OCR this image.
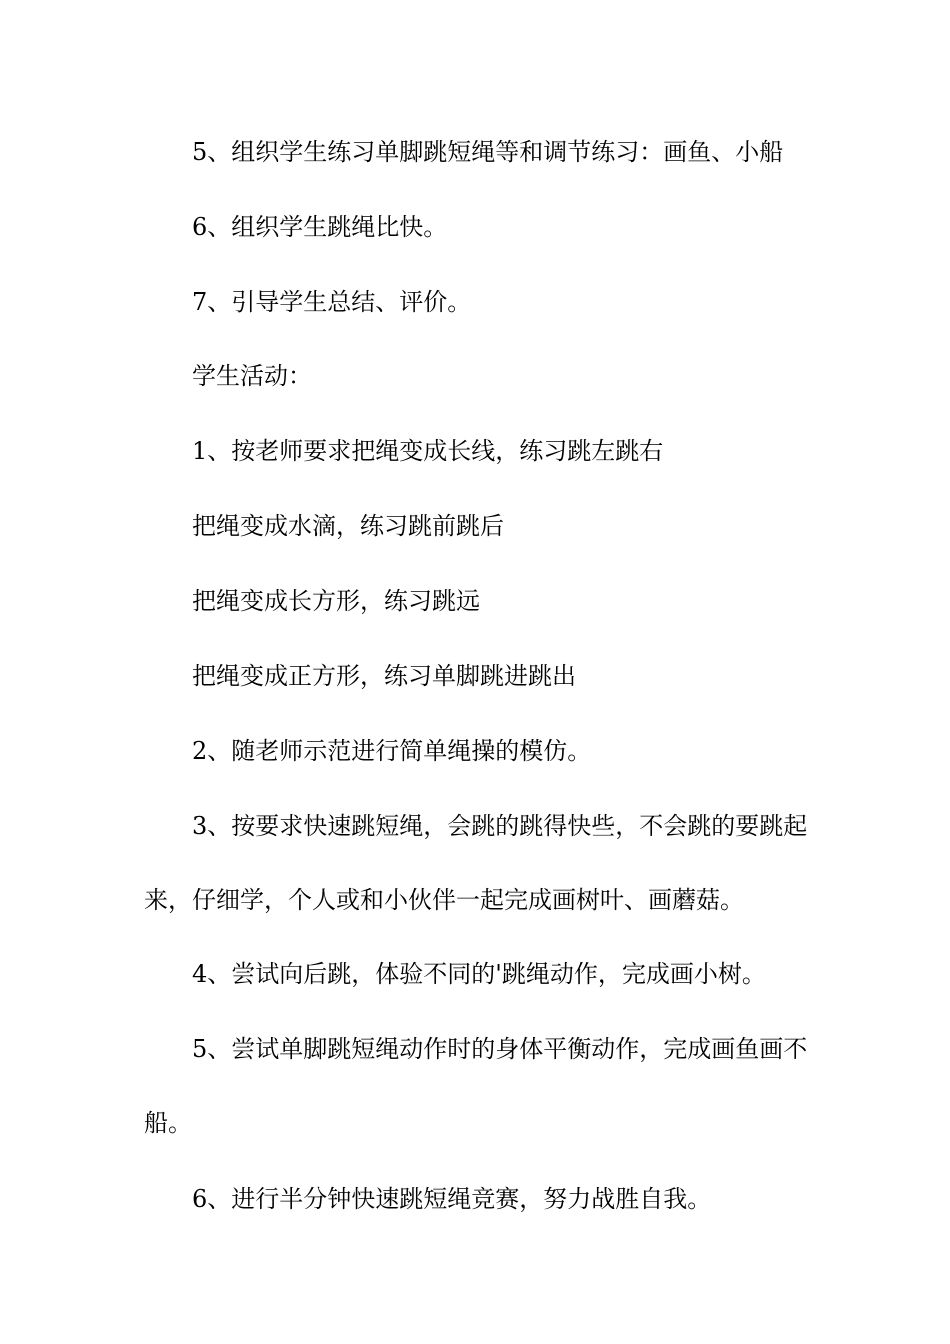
5、组织学生练习单脚跳短绳等和调节练习：画鱼、小船
6、组织学生跳绳比快。
7、引导学生总结、评价。
学生活动：
1、按老师要求把绳变成长线，练习跳左跳右
把绳变成水滴，练习跳前跳后
把绳变成长方形，练习跳远
把绳变成正方形，练习单脚跳进跳出
2、随老师示范进行简单绳操的模仿。
3、按要求快速跳短绳，会跳的跳得快些，不会跳的要跳起
来，仔细学，个人或和小伙伴一起完成画树叶、画蘑菇。
4、尝试向后跳，体验不同的'跳绳动作，完成画小树。
5、尝试单脚跳短绳动作时的身体平衡动作，完成画鱼画不
船。
6、进行半分钟快速跳短绳竞赛，努力战胜自我。
